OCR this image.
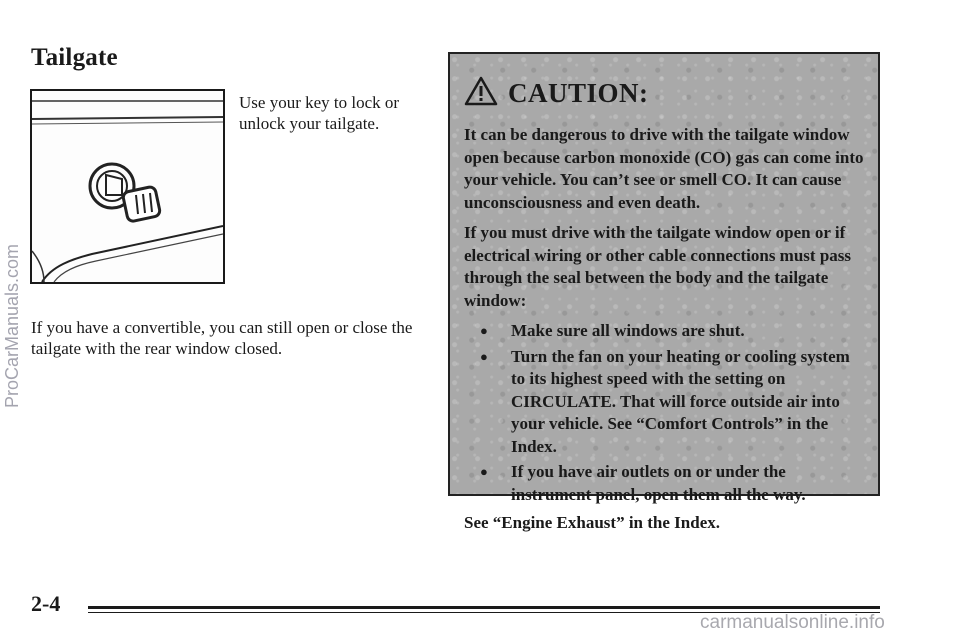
Tailgate
Use your key to lock or unlock your tailgate.
If you have a convertible, you can still open or close the tailgate with the rear window closed.
CAUTION:

It can be dangerous to drive with the tailgate window open because carbon monoxide (CO) gas can come into your vehicle. You can’t see or smell CO. It can cause unconsciousness and even death.

If you must drive with the tailgate window open or if electrical wiring or other cable connections must pass through the seal between the body and the tailgate window:

● Make sure all windows are shut.
● Turn the fan on your heating or cooling system to its highest speed with the setting on CIRCULATE. That will force outside air into your vehicle. See “Comfort Controls” in the Index.
● If you have air outlets on or under the instrument panel, open them all the way.

See “Engine Exhaust” in the Index.

2-4
ProCarManuals.com
carmanualsonline.info
